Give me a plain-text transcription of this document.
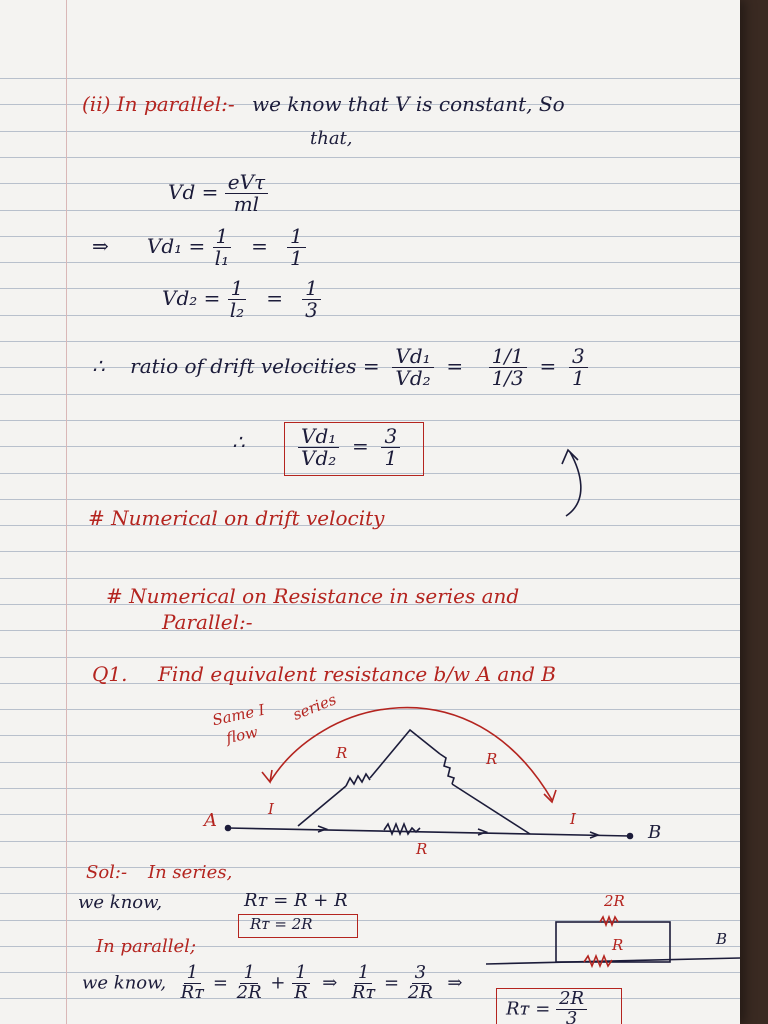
(ii) In parallel:- we know that V is constant, So
that,
$Vd = \frac{\text{eVτ}}{ml}$
⇒ $Vd_1 = \frac{1}{\text{l₁}} = \frac{1}{1}$
$Vd_2 = \frac{1}{\text{l₂}} = \frac{1}{3}$
∴ ratio of drift velocities = $\frac{\text{Vd₁}}{\text{Vd₂}} = \frac{1/1}{1/3} = \frac{3}{1}$
∴	$\frac{\text{Vd₁}}{\text{Vd₂}} = \frac{3}{1}$
# Numerical on drift velocity
# Numerical on Resistance in series and
Parallel:-
Q1. Find equivalent resistance b/w A and B
Same I
flow
series
A
B
R	R
R
I
I
Sol:- In series,
we know,	Rᴛ = R + R
Rᴛ = 2R
In parallel;
we know, $\frac{1}{\text{Rᴛ}} = \frac{1}{2R} + \frac{1}{R}$ ⇒ $\frac{1}{\text{Rᴛ}} = \frac{3}{2R}$ ⇒
Rᴛ = $\frac{2R}{3}$
2R
R	B
